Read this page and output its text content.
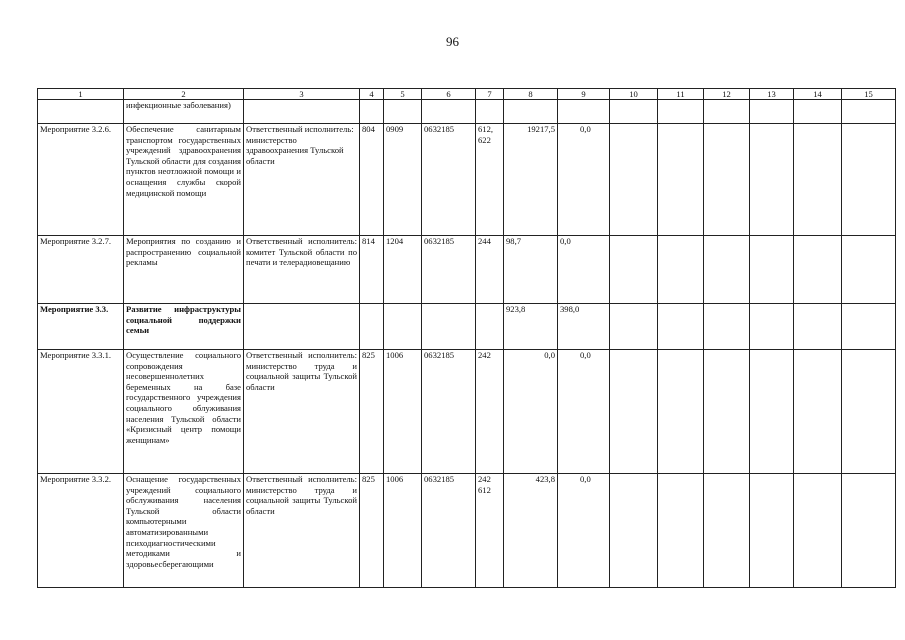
96
1	2	3	4	5	6	7	8	9	10	11	12	13	14	15
	инфекционные заболевания)													
Мероприятие 3.2.6.	Обеспечение санитарным транспортом государственных учреждений здравоохранения Тульской области для создания пунктов неотложной помощи и оснащения службы скорой медицинской помощи	Ответственный исполнитель: министерство здравоохранения Тульской области	804	0909	0632185	612, 622	19217,5	0,0						
Мероприятие 3.2.7.	Мероприятия по созданию и распространению социальной рекламы	Ответственный исполнитель: комитет Тульской области по печати и телерадиовещанию	814	1204	0632185	244	98,7	0,0						
Мероприятие 3.3.	Развитие инфраструктуры социальной поддержки семьи						923,8	398,0						
Мероприятие 3.3.1.	Осуществление социального сопровождения несовершеннолетних беременных на базе государственного учреждения социального облуживания населения Тульской области «Кризисный центр помощи женщинам»	Ответственный исполнитель: министерство труда и социальной защиты Тульской области	825	1006	0632185	242	0,0	0,0						
Мероприятие 3.3.2.	Оснащение государственных учреждений социального обслуживания населения Тульской области компьютерными автоматизированными психодиагностическими методиками и здоровьесберегающими	Ответственный исполнитель: министерство труда и социальной защиты Тульской области	825	1006	0632185	242 612	423,8	0,0						
